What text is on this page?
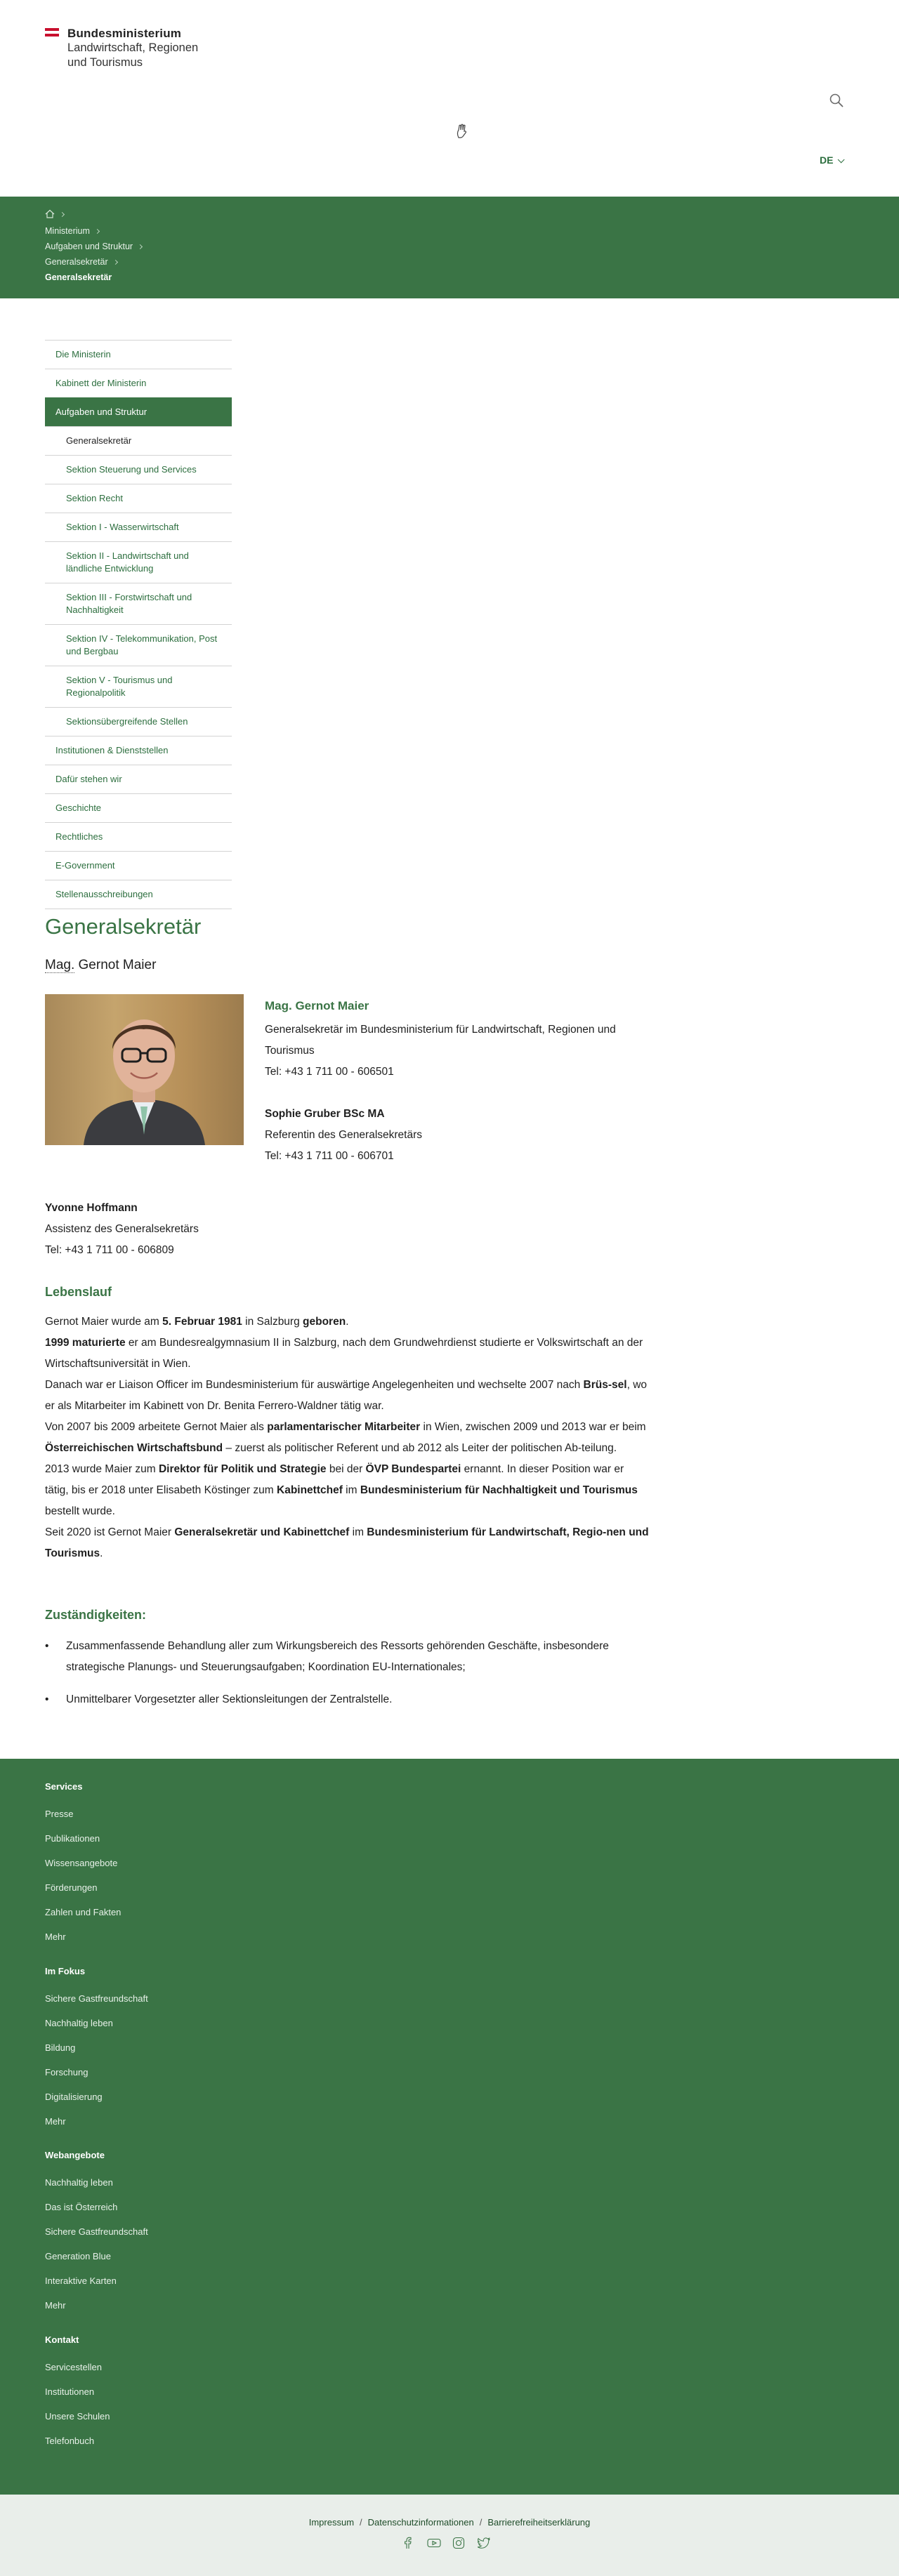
Bundesministerium
Landwirtschaft, Regionen
und Tourismus
DE
Ministerium
Aufgaben und Struktur
Generalsekretär
Generalsekretär
Die Ministerin
Kabinett der Ministerin
Aufgaben und Struktur
Generalsekretär
Sektion Steuerung und Services
Sektion Recht
Sektion I - Wasserwirtschaft
Sektion II - Landwirtschaft und ländliche Entwicklung
Sektion III - Forstwirtschaft und Nachhaltigkeit
Sektion IV - Telekommunikation, Post und Bergbau
Sektion V - Tourismus und Regionalpolitik
Sektionsübergreifende Stellen
Institutionen & Dienststellen
Dafür stehen wir
Geschichte
Rechtliches
E-Government
Stellenausschreibungen
Generalsekretär
Mag. Gernot Maier
Mag. Gernot Maier
Generalsekretär im Bundesministerium für Landwirtschaft, Regionen und Tourismus
Tel: +43 1 711 00 - 606501
Sophie Gruber BSc MA
Referentin des Generalsekretärs
Tel: +43 1 711 00 - 606701
Yvonne Hoffmann
Assistenz des Generalsekretärs
Tel: +43 1 711 00 - 606809
Lebenslauf
Gernot Maier wurde am 5. Februar 1981 in Salzburg geboren.
1999 maturierte er am Bundesrealgymnasium II in Salzburg, nach dem Grundwehrdienst studierte er Volkswirtschaft an der Wirtschaftsuniversität in Wien.
Danach war er Liaison Officer im Bundesministerium für auswärtige Angelegenheiten und wechselte 2007 nach Brüs-sel, wo er als Mitarbeiter im Kabinett von Dr. Benita Ferrero-Waldner tätig war.
Von 2007 bis 2009 arbeitete Gernot Maier als parlamentarischer Mitarbeiter in Wien, zwischen 2009 und 2013 war er beim Österreichischen Wirtschaftsbund – zuerst als politischer Referent und ab 2012 als Leiter der politischen Ab-teilung.
2013 wurde Maier zum Direktor für Politik und Strategie bei der ÖVP Bundespartei ernannt. In dieser Position war er tätig, bis er 2018 unter Elisabeth Köstinger zum Kabinettchef im Bundesministerium für Nachhaltigkeit und Tourismus bestellt wurde.
Seit 2020 ist Gernot Maier Generalsekretär und Kabinettchef im Bundesministerium für Landwirtschaft, Regio-nen und Tourismus.
Zuständigkeiten:
• Zusammenfassende Behandlung aller zum Wirkungsbereich des Ressorts gehörenden Geschäfte, insbesondere strategische Planungs- und Steuerungsaufgaben; Koordination EU-Internationales;
• Unmittelbarer Vorgesetzter aller Sektionsleitungen der Zentralstelle.
Services
Presse
Publikationen
Wissensangebote
Förderungen
Zahlen und Fakten
Mehr
Im Fokus
Sichere Gastfreundschaft
Nachhaltig leben
Bildung
Forschung
Digitalisierung
Mehr
Webangebote
Nachhaltig leben
Das ist Österreich
Sichere Gastfreundschaft
Generation Blue
Interaktive Karten
Mehr
Kontakt
Servicestellen
Institutionen
Unsere Schulen
Telefonbuch
Impressum / Datenschutzinformationen / Barrierefreiheitserklärung
